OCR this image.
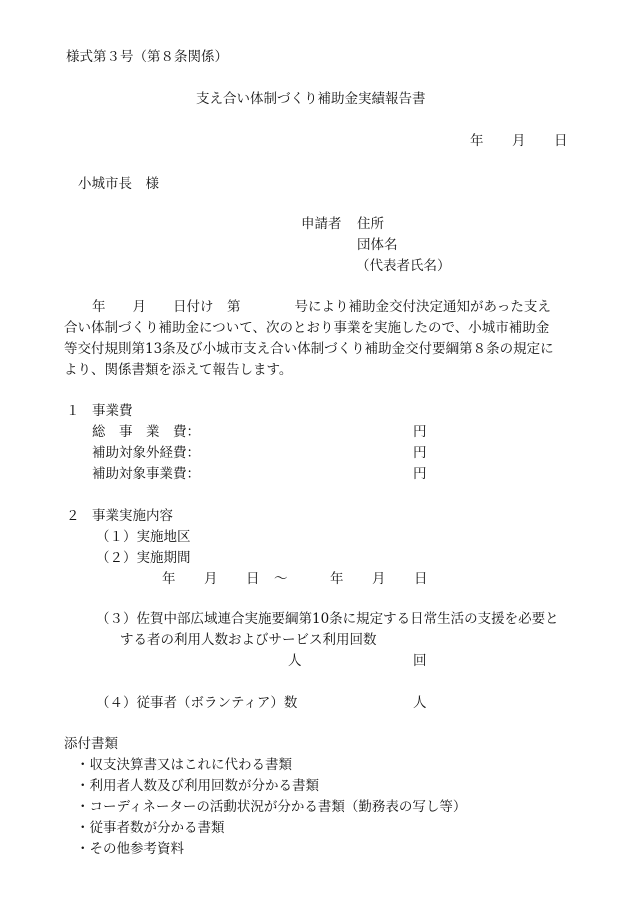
様式第３号（第８条関係）
支え合い体制づくり補助金実績報告書
年 月 日
小城市長　様
申請者 住所
団体名
（代表者氏名）
年　　月　　日付け　第　　　　号により補助金交付決定通知があった支え
合い体制づくり補助金について、次のとおり事業を実施したので、小城市補助金
等交付規則第13条及び小城市支え合い体制づくり補助金交付要綱第８条の規定に
より、関係書類を添えて報告します。
１ 事業費
総　事　業　費：	円
補助対象外経費：	円
補助対象事業費：	円
２ 事業実施内容
（１）実施地区
（２）実施期間
年 月 日 ～	年 月 日
（３）佐賀中部広域連合実施要綱第10条に規定する日常生活の支援を必要と
する者の利用人数およびサービス利用回数
人	回
（４）従事者（ボランティア）数	人
添付書類
・収支決算書又はこれに代わる書類
・利用者人数及び利用回数が分かる書類
・コーディネーターの活動状況が分かる書類（勤務表の写し等）
・従事者数が分かる書類
・その他参考資料
